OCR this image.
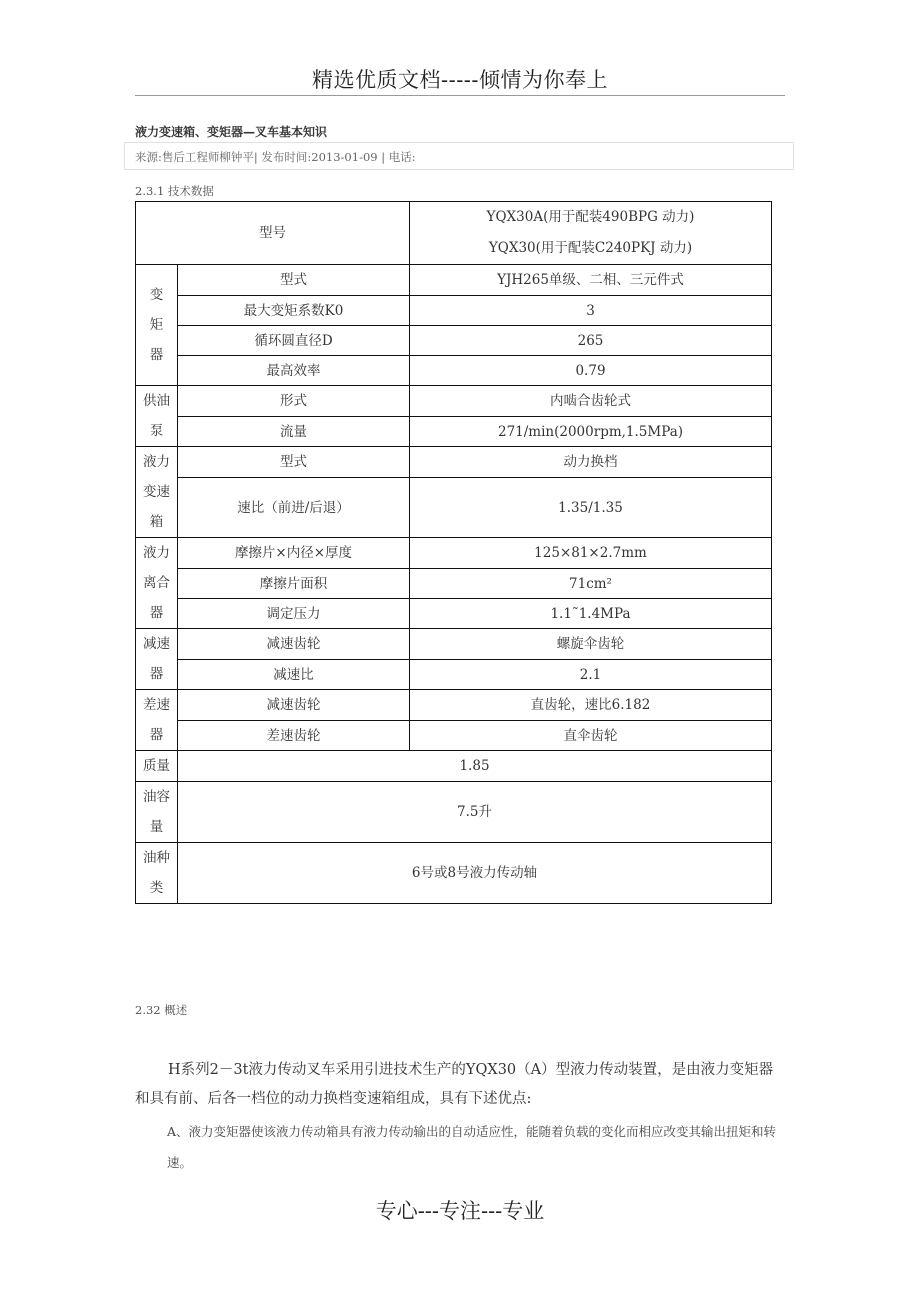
精选优质文档-----倾情为你奉上
液力变速箱、变矩器—叉车基本知识
来源:售后工程师柳钟平| 发布时间:2013-01-09 | 电话:
2.3.1 技术数据
型号		YQX30A(用于配装490BPG 动力)
YQX30(用于配装C240PKJ 动力)

变
矩
器	型式	YJH265单级、二相、三元件式
	最大变矩系数K0	3
	循环圆直径D	265
	最高效率	0.79

供油
泵	形式	内啮合齿轮式
	流量	271/min(2000rpm,1.5MPa)

液力
变速
箱	型式	动力换档
	速比（前进/后退）	1.35/1.35

液力
离合
器	摩擦片×内径×厚度	125×81×2.7mm
	摩擦片面积	71cm²
	调定压力	1.1˜1.4MPa

减速
器	减速齿轮	螺旋伞齿轮
	减速比	2.1

差速
器	减速齿轮	直齿轮，速比6.182
	差速齿轮	直伞齿轮

质量	1.85	

油容
量	7.5升	

油种
类	6号或8号液力传动轴	
2.32 概述
H系列2－3t液力传动叉车采用引进技术生产的YQX30（A）型液力传动装置，是由液力变矩器和具有前、后各一档位的动力换档变速箱组成，具有下述优点:
A、液力变矩器使该液力传动箱具有液力传动输出的自动适应性，能随着负载的变化而相应改变其输出扭矩和转速。
专心---专注---专业
